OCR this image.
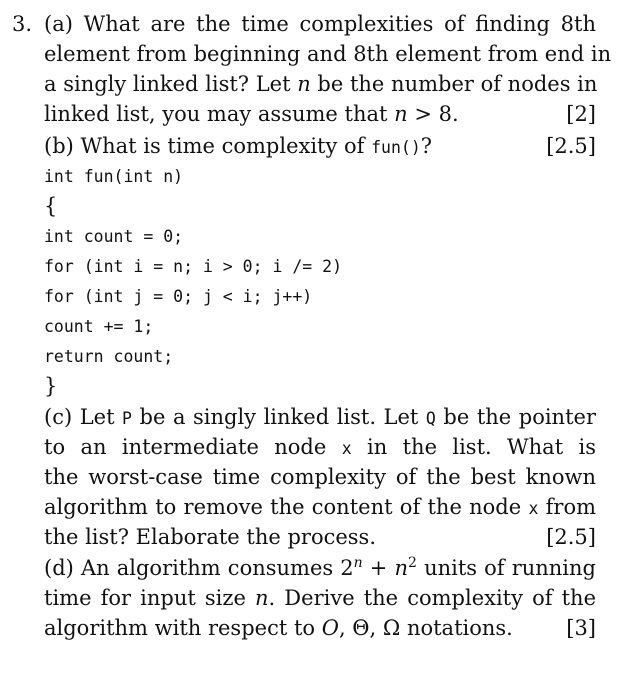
3. (a) What are the time complexities of finding 8th
element from beginning and 8th element from end in
a singly linked list? Let n be the number of nodes in
linked list, you may assume that n > 8.	[2]
(b) What is time complexity of fun()?	[2.5]
int fun(int n)
{
int count = 0;
for (int i = n; i > 0; i /= 2)
for (int j = 0; j < i; j++)
count += 1;
return count;
}
(c) Let P be a singly linked list. Let Q be the pointer
to an intermediate node x in the list. What is
the worst-case time complexity of the best known
algorithm to remove the content of the node x from
the list? Elaborate the process.	[2.5]
(d) An algorithm consumes $2^n + n^2$ units of running
time for input size n. Derive the complexity of the
algorithm with respect to O, Θ, Ω notations.	[3]
